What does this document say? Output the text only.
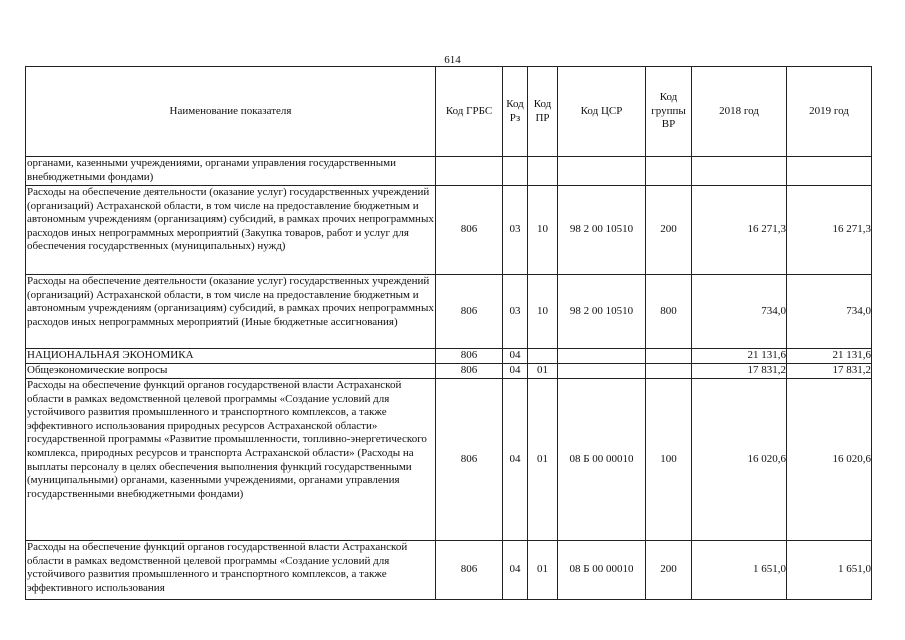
614
Наименование показателя	Код ГРБС	Код Рз	Код ПР	Код ЦСР	Код группы ВР	2018 год	2019 год
органами, казенными учреждениями, органами управления государственными внебюджетными фондами)							
Расходы на обеспечение деятельности (оказание услуг) государственных учреждений (организаций) Астраханской области, в том числе на предоставление бюджетным и автономным учреждениям (организациям) субсидий, в рамках прочих непрограммных расходов иных непрограммных мероприятий (Закупка товаров, работ и услуг для обеспечения государственных (муниципальных) нужд)	806	03	10	98 2 00 10510	200	16 271,3	16 271,3
Расходы на обеспечение деятельности (оказание услуг) государственных учреждений (организаций) Астраханской области, в том числе на предоставление бюджетным и автономным учреждениям (организациям) субсидий, в рамках прочих непрограммных расходов иных непрограммных мероприятий (Иные бюджетные ассигнования)	806	03	10	98 2 00 10510	800	734,0	734,0
НАЦИОНАЛЬНАЯ ЭКОНОМИКА	806	04				21 131,6	21 131,6
Общеэкономические вопросы	806	04	01			17 831,2	17 831,2
Расходы на обеспечение функций органов государственой власти Астраханской области в рамках ведомственной целевой программы «Создание условий для устойчивого развития промышленного и транспортного комплексов, а также эффективного использования природных ресурсов Астраханской области» государственной программы «Развитие промышленности, топливно-энергетического комплекса, природных ресурсов и транспорта Астраханской области» (Расходы на выплаты персоналу в целях обеспечения выполнения функций государственными (муниципальными) органами, казенными учреждениями, органами управления государственными внебюджетными фондами)	806	04	01	08 Б 00 00010	100	16 020,6	16 020,6
Расходы на обеспечение функций органов государственной власти Астраханской области в рамках ведомственной целевой программы «Создание условий для устойчивого развития промышленного и транспортного комплексов, а также эффективного использования	806	04	01	08 Б 00 00010	200	1 651,0	1 651,0
